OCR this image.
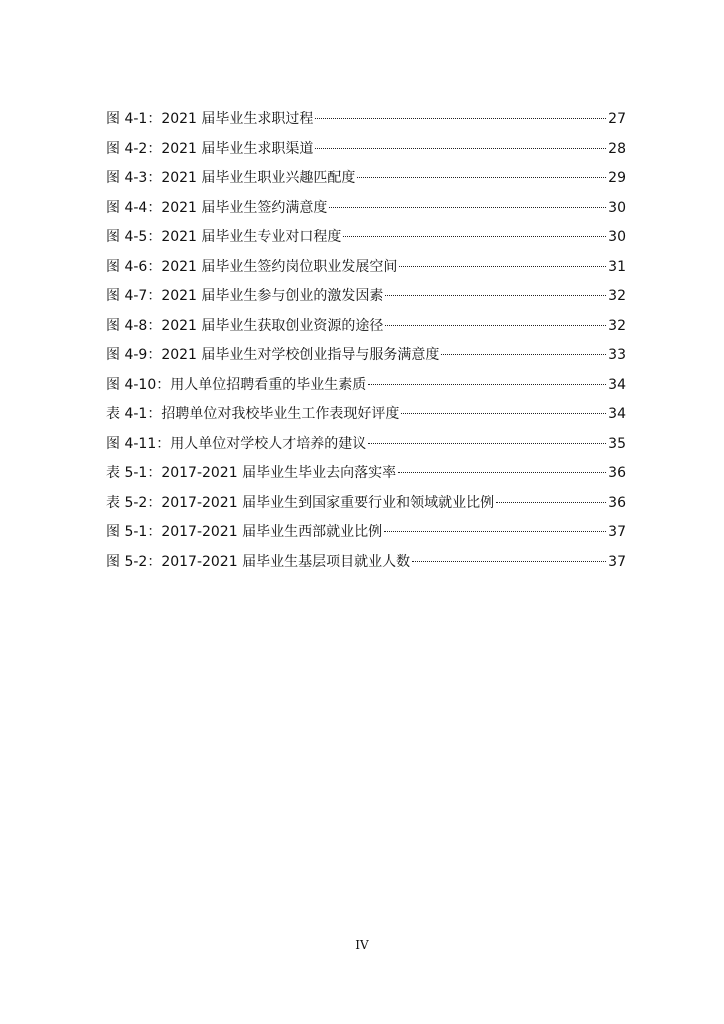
图 4-1：2021 届毕业生求职过程	27
图 4-2：2021 届毕业生求职渠道	28
图 4-3：2021 届毕业生职业兴趣匹配度	29
图 4-4：2021 届毕业生签约满意度	30
图 4-5：2021 届毕业生专业对口程度	30
图 4-6：2021 届毕业生签约岗位职业发展空间	31
图 4-7：2021 届毕业生参与创业的激发因素	32
图 4-8：2021 届毕业生获取创业资源的途径	32
图 4-9：2021 届毕业生对学校创业指导与服务满意度	33
图 4-10：用人单位招聘看重的毕业生素质	34
表 4-1：招聘单位对我校毕业生工作表现好评度	34
图 4-11：用人单位对学校人才培养的建议	35
表 5-1：2017-2021 届毕业生毕业去向落实率	36
表 5-2：2017-2021 届毕业生到国家重要行业和领域就业比例	36
图 5-1：2017-2021 届毕业生西部就业比例	37
图 5-2：2017-2021 届毕业生基层项目就业人数	37
IV
